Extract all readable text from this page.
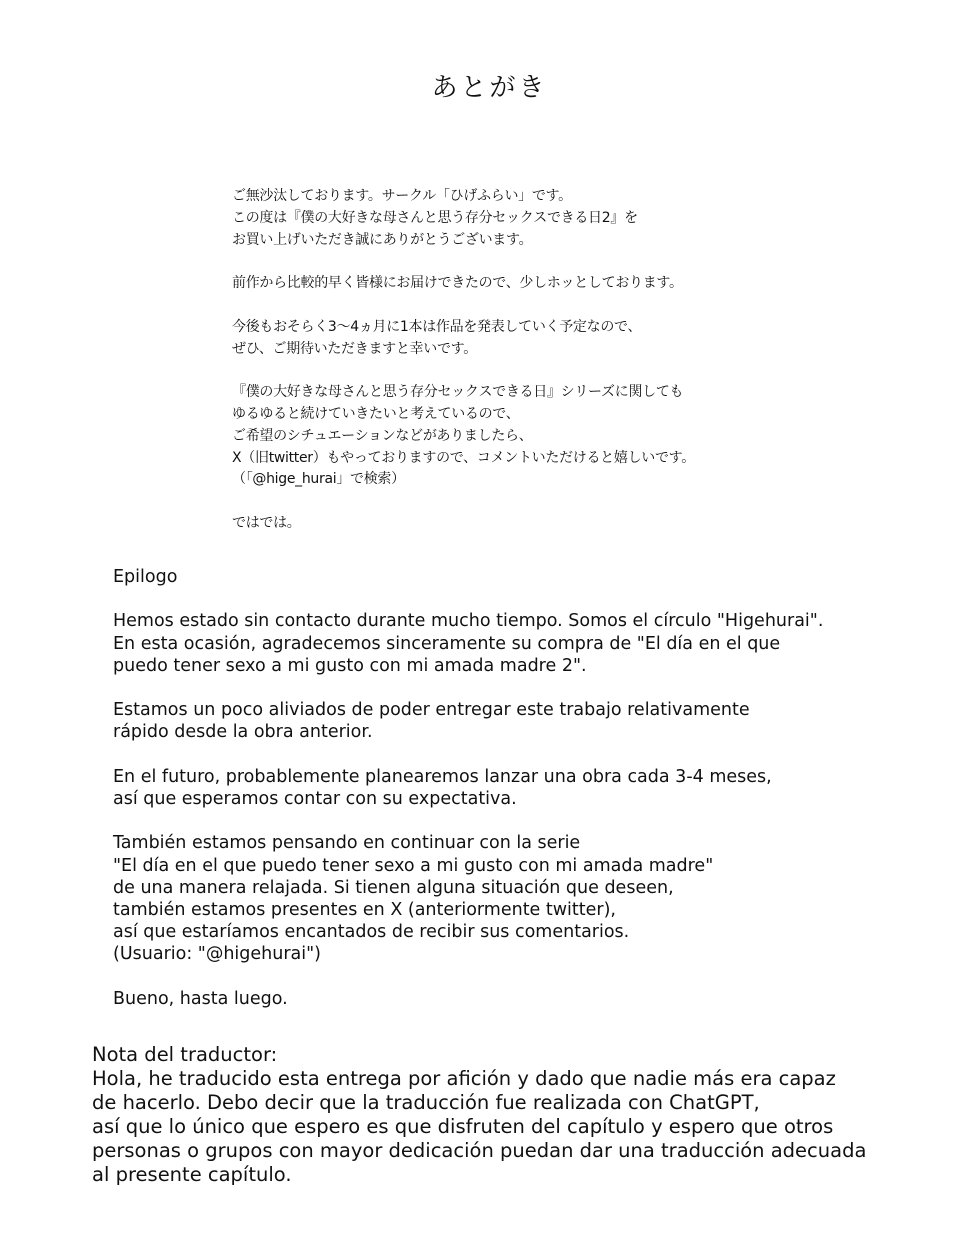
あとがき
ご無沙汰しております。サークル「ひげふらい」です。
この度は『僕の大好きな母さんと思う存分セックスできる日2』を
お買い上げいただき誠にありがとうございます。
前作から比較的早く皆様にお届けできたので、少しホッとしております。
今後もおそらく3〜4ヵ月に1本は作品を発表していく予定なので、
ぜひ、ご期待いただきますと幸いです。
『僕の大好きな母さんと思う存分セックスできる日』シリーズに関しても
ゆるゆると続けていきたいと考えているので、
ご希望のシチュエーションなどがありましたら、
X（旧twitter）もやっておりますので、コメントいただけると嬉しいです。
（「@hige_hurai」で検索）
ではでは。
Epilogo
Hemos estado sin contacto durante mucho tiempo. Somos el círculo "Higehurai".
En esta ocasión, agradecemos sinceramente su compra de "El día en el que
puedo tener sexo a mi gusto con mi amada madre 2".
Estamos un poco aliviados de poder entregar este trabajo relativamente
rápido desde la obra anterior.
En el futuro, probablemente planearemos lanzar una obra cada 3-4 meses,
así que esperamos contar con su expectativa.
También estamos pensando en continuar con la serie
"El día en el que puedo tener sexo a mi gusto con mi amada madre"
de una manera relajada. Si tienen alguna situación que deseen,
también estamos presentes en X (anteriormente twitter),
así que estaríamos encantados de recibir sus comentarios.
(Usuario: "@higehurai")
Bueno, hasta luego.
Nota del traductor:
Hola, he traducido esta entrega por afición y dado que nadie más era capaz
de hacerlo. Debo decir que la traducción fue realizada con ChatGPT,
así que lo único que espero es que disfruten del capítulo y espero que otros
personas o grupos con mayor dedicación puedan dar una traducción adecuada
al presente capítulo.
